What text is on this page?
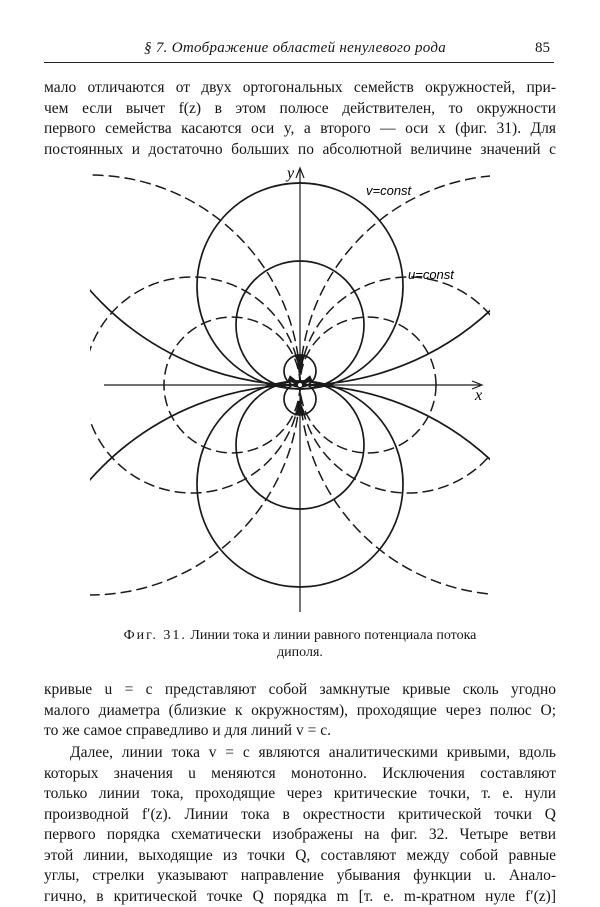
§ 7. Отображение областей ненулевого рода	85
мало отличаются от двух ортогональных семейств окружностей, при-
чем если вычет f(z) в этом полюсе действителен, то окружности
первого семейства касаются оси y, а второго — оси x (фиг. 31). Для
постоянных и достаточно больших по абсолютной величине значений c
y
x
v=const
u=const
Фиг. 31. Линии тока и линии равного потенциала потока
диполя.
кривые u = c представляют собой замкнутые кривые сколь угодно
малого диаметра (близкие к окружностям), проходящие через полюс O;
то же самое справедливо и для линий v = c.
Далее, линии тока v = c являются аналитическими кривыми, вдоль
которых значения u меняются монотонно. Исключения составляют
только линии тока, проходящие через критические точки, т. е. нули
производной f′(z). Линии тока в окрестности критической точки Q
первого порядка схематически изображены на фиг. 32. Четыре ветви
этой линии, выходящие из точки Q, составляют между собой равные
углы, стрелки указывают направление убывания функции u. Анало-
гично, в критической точке Q порядка m [т. е. m-кратном нуле f′(z)]
